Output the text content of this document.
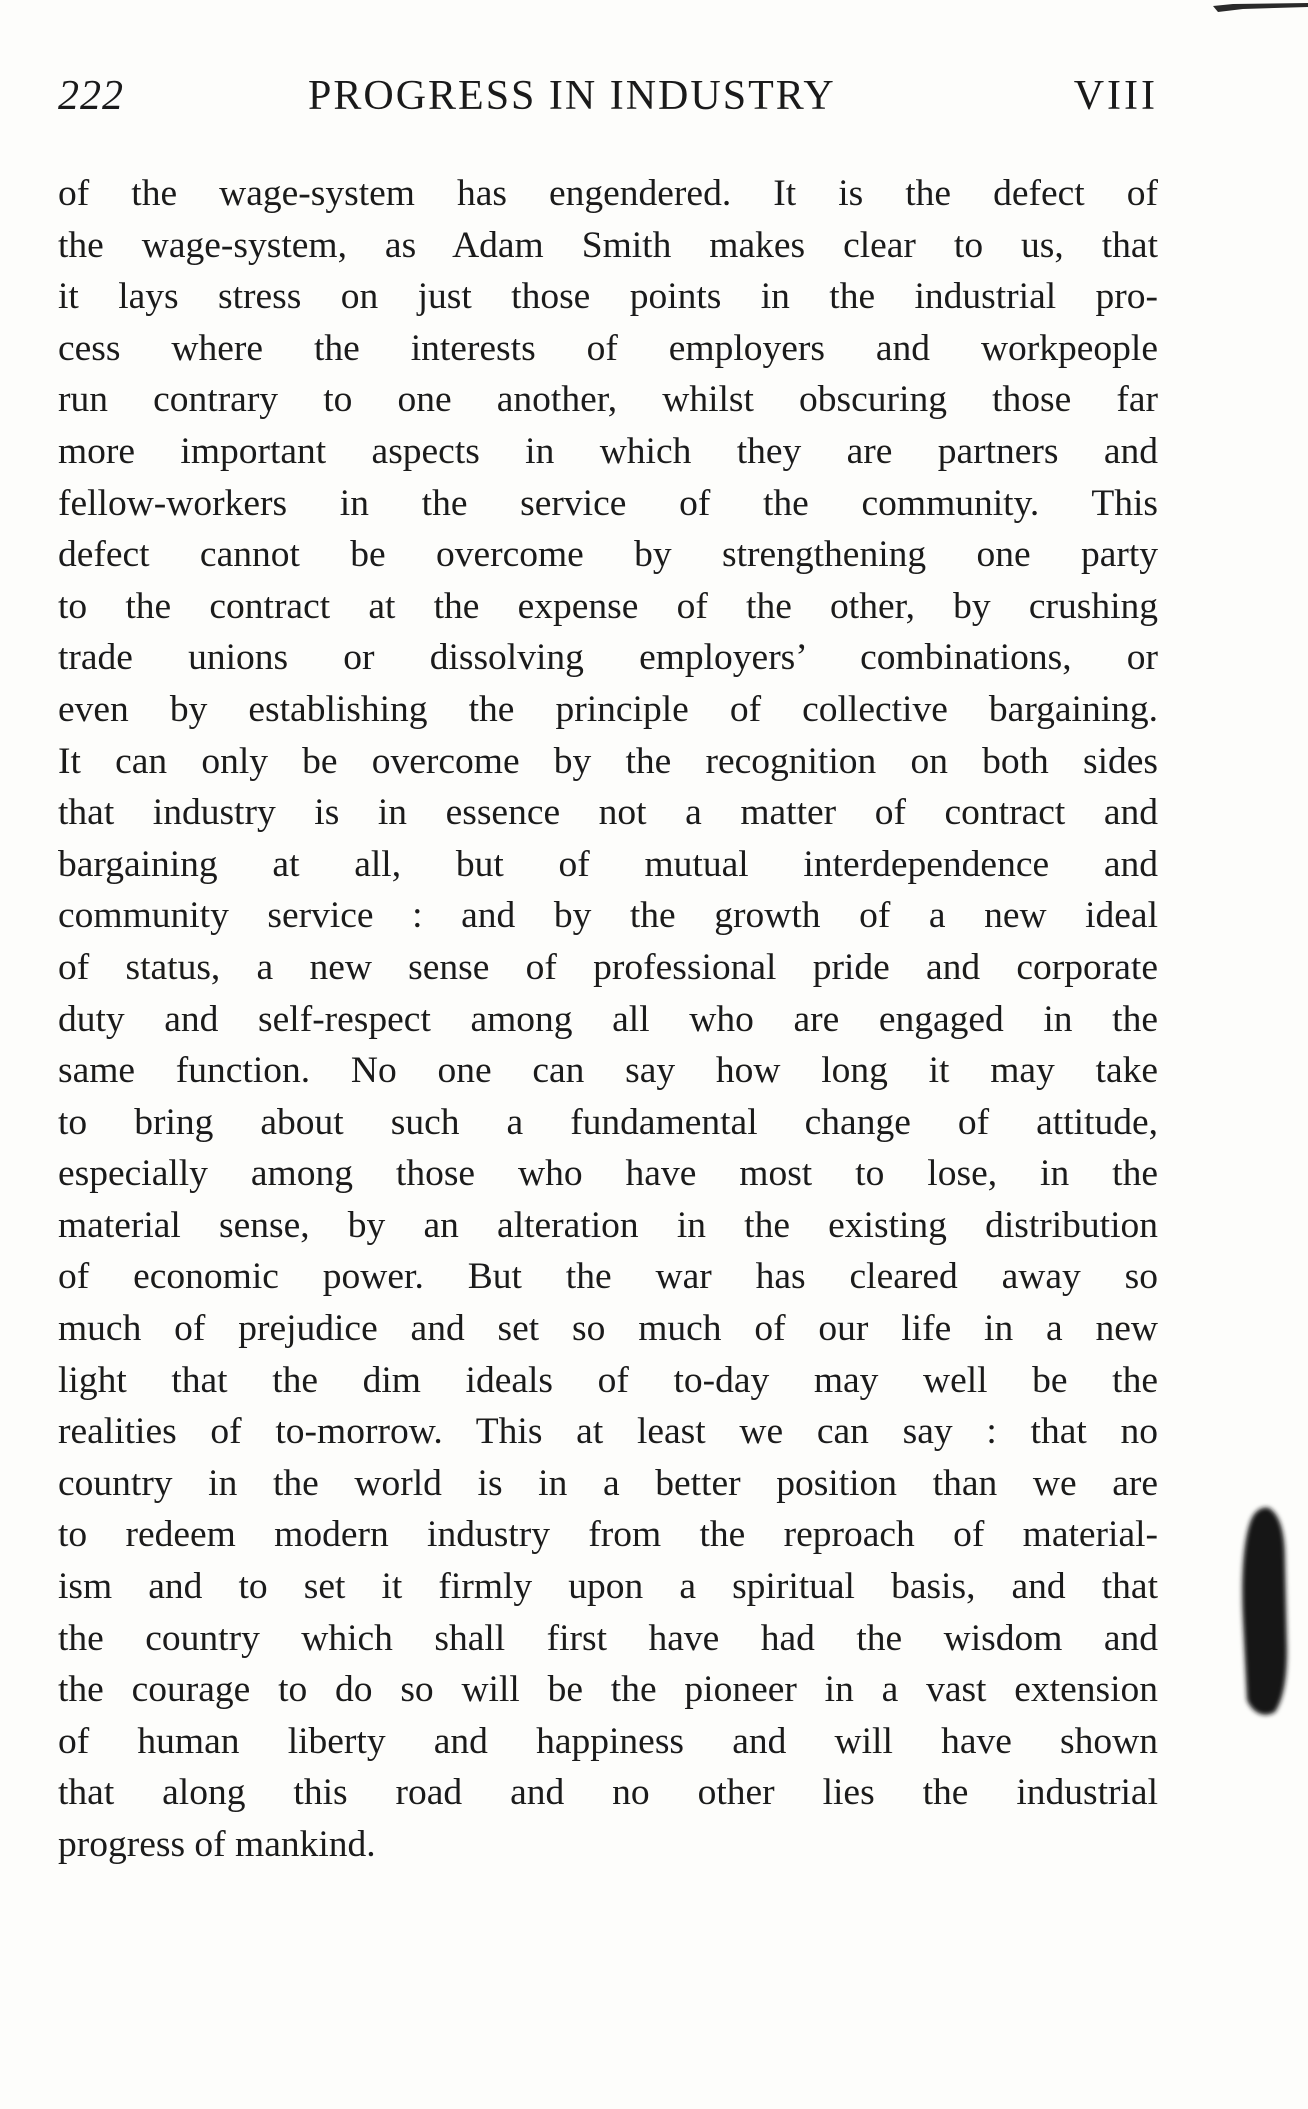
222	PROGRESS IN INDUSTRY	VIII
of the wage-system has engendered. It is the defect of
the wage-system, as Adam Smith makes clear to us, that
it lays stress on just those points in the industrial pro-
cess where the interests of employers and workpeople
run contrary to one another, whilst obscuring those far
more important aspects in which they are partners and
fellow-workers in the service of the community. This
defect cannot be overcome by strengthening one party
to the contract at the expense of the other, by crushing
trade unions or dissolving employers’ combinations, or
even by establishing the principle of collective bargaining.
It can only be overcome by the recognition on both sides
that industry is in essence not a matter of contract and
bargaining at all, but of mutual interdependence and
community service : and by the growth of a new ideal
of status, a new sense of professional pride and corporate
duty and self-respect among all who are engaged in the
same function. No one can say how long it may take
to bring about such a fundamental change of attitude,
especially among those who have most to lose, in the
material sense, by an alteration in the existing distribution
of economic power. But the war has cleared away so
much of prejudice and set so much of our life in a new
light that the dim ideals of to-day may well be the
realities of to-morrow. This at least we can say : that no
country in the world is in a better position than we are
to redeem modern industry from the reproach of material-
ism and to set it firmly upon a spiritual basis, and that
the country which shall first have had the wisdom and
the courage to do so will be the pioneer in a vast extension
of human liberty and happiness and will have shown
that along this road and no other lies the industrial
progress of mankind.
